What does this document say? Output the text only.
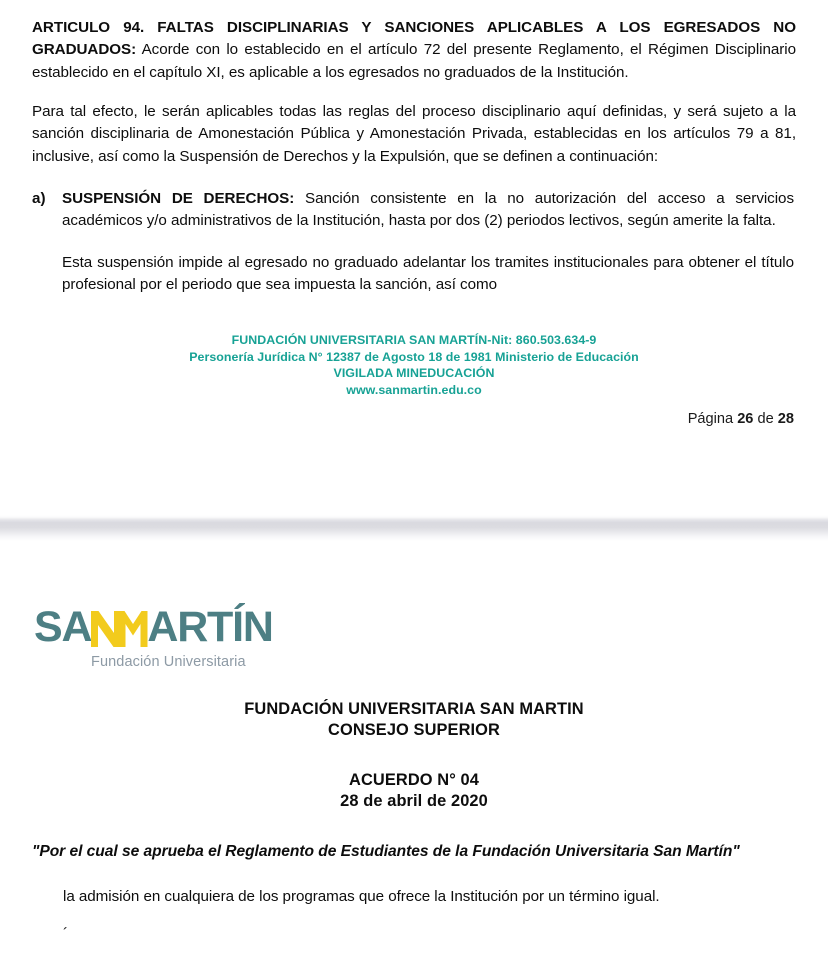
ARTICULO 94. FALTAS DISCIPLINARIAS Y SANCIONES APLICABLES A LOS EGRESADOS NO GRADUADOS: Acorde con lo establecido en el artículo 72 del presente Reglamento, el Régimen Disciplinario establecido en el capítulo XI, es aplicable a los egresados no graduados de la Institución.

Para tal efecto, le serán aplicables todas las reglas del proceso disciplinario aquí definidas, y será sujeto a la sanción disciplinaria de Amonestación Pública y Amonestación Privada, establecidas en los artículos 79 a 81, inclusive, así como la Suspensión de Derechos y la Expulsión, que se definen a continuación:

a)	SUSPENSIÓN DE DERECHOS: Sanción consistente en la no autorización del acceso a servicios académicos y/o administrativos de la Institución, hasta por dos (2) periodos lectivos, según amerite la falta.

Esta suspensión impide al egresado no graduado adelantar los tramites institucionales para obtener el título profesional por el periodo que sea impuesta la sanción, así como

FUNDACIÓN UNIVERSITARIA SAN MARTÍN-Nit: 860.503.634-9
Personería Jurídica N° 12387 de Agosto 18 de 1981 Ministerio de Educación
VIGILADA MINEDUCACIÓN
www.sanmartin.edu.co
Página 26 de 28
SA ARTÍN
Fundación Universitaria
FUNDACIÓN UNIVERSITARIA SAN MARTIN
CONSEJO SUPERIOR
ACUERDO N° 04
28 de abril de 2020

"Por el cual se aprueba el Reglamento de Estudiantes de la Fundación Universitaria San Martín"

la admisión en cualquiera de los programas que ofrece la Institución por un término igual.

´
